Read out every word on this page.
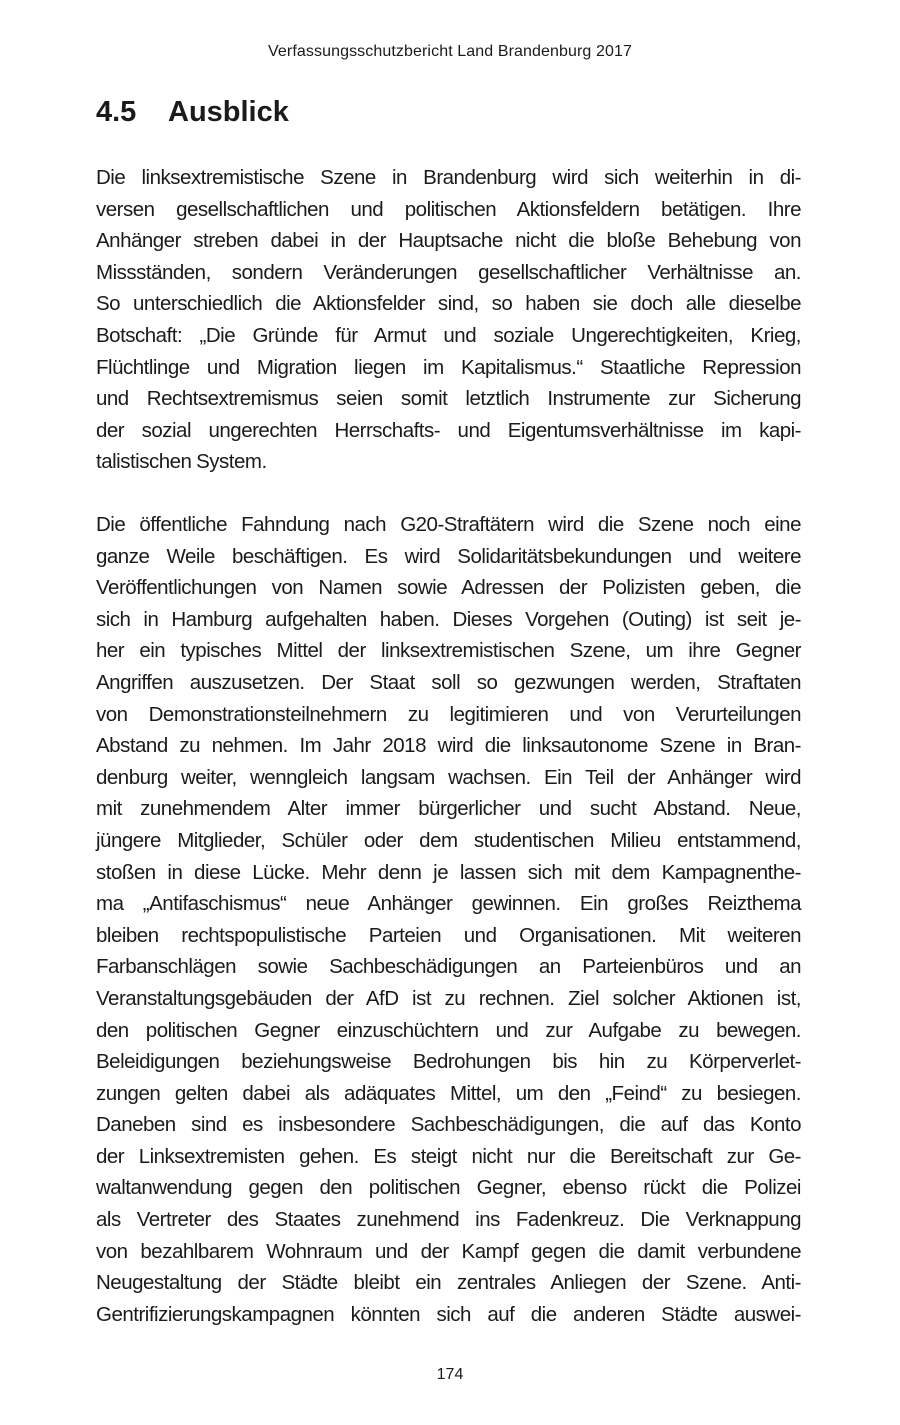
Verfassungsschutzbericht Land Brandenburg 2017
4.5 Ausblick
Die linksextremistische Szene in Brandenburg wird sich weiterhin in di-
versen gesellschaftlichen und politischen Aktionsfeldern betätigen. Ihre
Anhänger streben dabei in der Hauptsache nicht die bloße Behebung von
Missständen, sondern Veränderungen gesellschaftlicher Verhältnisse an.
So unterschiedlich die Aktionsfelder sind, so haben sie doch alle dieselbe
Botschaft: „Die Gründe für Armut und soziale Ungerechtigkeiten, Krieg,
Flüchtlinge und Migration liegen im Kapitalismus.“ Staatliche Repression
und Rechtsextremismus seien somit letztlich Instrumente zur Sicherung
der sozial ungerechten Herrschafts- und Eigentumsverhältnisse im kapi-
talistischen System.
Die öffentliche Fahndung nach G20-Straftätern wird die Szene noch eine
ganze Weile beschäftigen. Es wird Solidaritätsbekundungen und weitere
Veröffentlichungen von Namen sowie Adressen der Polizisten geben, die
sich in Hamburg aufgehalten haben. Dieses Vorgehen (Outing) ist seit je-
her ein typisches Mittel der linksextremistischen Szene, um ihre Gegner
Angriffen auszusetzen. Der Staat soll so gezwungen werden, Straftaten
von Demonstrationsteilnehmern zu legitimieren und von Verurteilungen
Abstand zu nehmen. Im Jahr 2018 wird die linksautonome Szene in Bran-
denburg weiter, wenngleich langsam wachsen. Ein Teil der Anhänger wird
mit zunehmendem Alter immer bürgerlicher und sucht Abstand. Neue,
jüngere Mitglieder, Schüler oder dem studentischen Milieu entstammend,
stoßen in diese Lücke. Mehr denn je lassen sich mit dem Kampagnenthe-
ma „Antifaschismus“ neue Anhänger gewinnen. Ein großes Reizthema
bleiben rechtspopulistische Parteien und Organisationen. Mit weiteren
Farbanschlägen sowie Sachbeschädigungen an Parteienbüros und an
Veranstaltungsgebäuden der AfD ist zu rechnen. Ziel solcher Aktionen ist,
den politischen Gegner einzuschüchtern und zur Aufgabe zu bewegen.
Beleidigungen beziehungsweise Bedrohungen bis hin zu Körperverlet-
zungen gelten dabei als adäquates Mittel, um den „Feind“ zu besiegen.
Daneben sind es insbesondere Sachbeschädigungen, die auf das Konto
der Linksextremisten gehen. Es steigt nicht nur die Bereitschaft zur Ge-
waltanwendung gegen den politischen Gegner, ebenso rückt die Polizei
als Vertreter des Staates zunehmend ins Fadenkreuz. Die Verknappung
von bezahlbarem Wohnraum und der Kampf gegen die damit verbundene
Neugestaltung der Städte bleibt ein zentrales Anliegen der Szene. Anti-
Gentrifizierungskampagnen könnten sich auf die anderen Städte auswei-
174
